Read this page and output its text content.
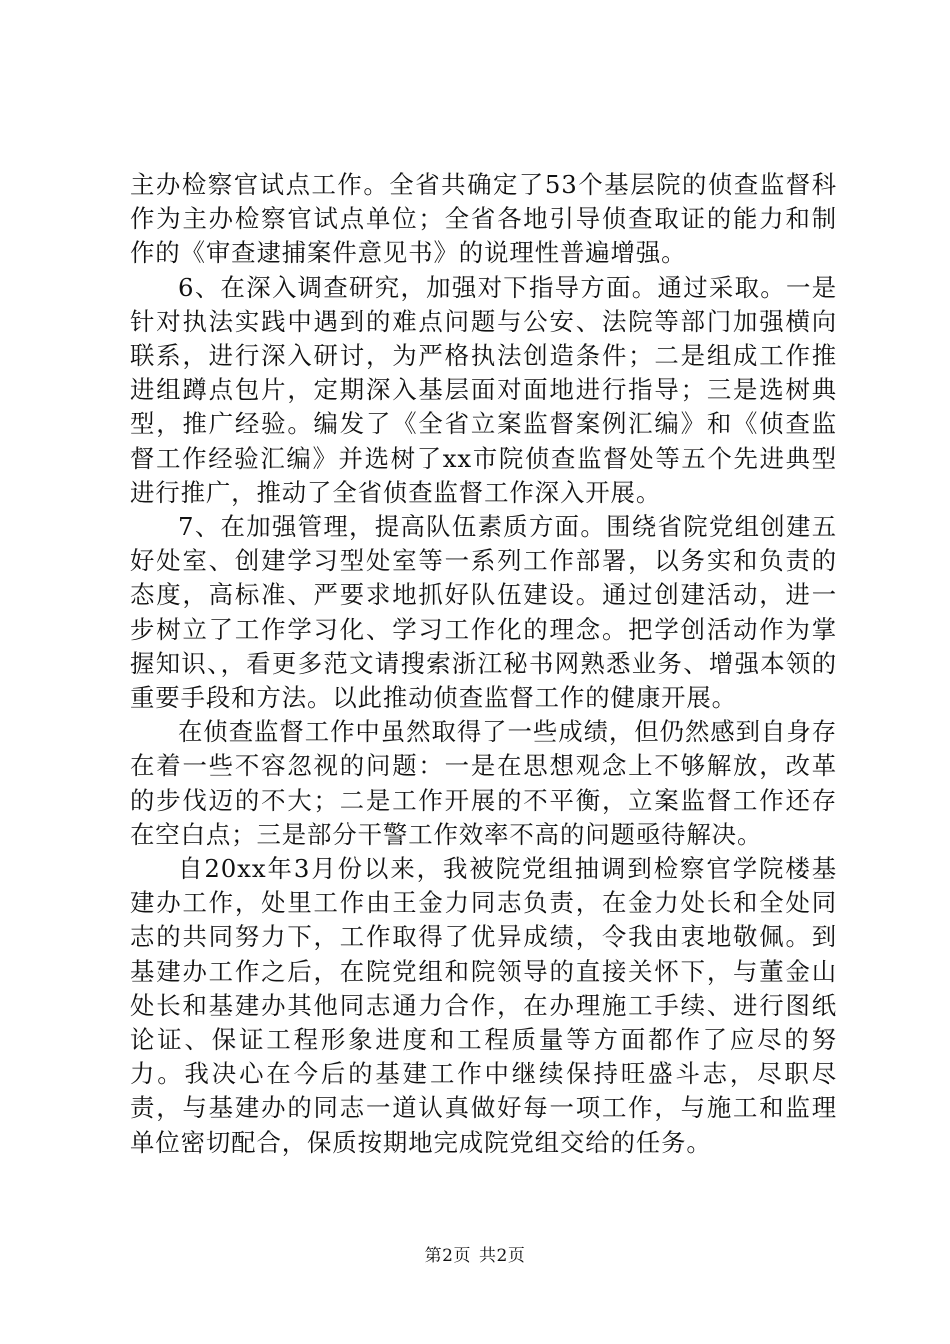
主办检察官试点工作。全省共确定了53个基层院的侦查监督科作为主办检察官试点单位；全省各地引导侦查取证的能力和制作的《审查逮捕案件意见书》的说理性普遍增强。

6、在深入调查研究，加强对下指导方面。通过采取。一是针对执法实践中遇到的难点问题与公安、法院等部门加强横向联系，进行深入研讨，为严格执法创造条件；二是组成工作推进组蹲点包片，定期深入基层面对面地进行指导；三是选树典型，推广经验。编发了《全省立案监督案例汇编》和《侦查监督工作经验汇编》并选树了xx市院侦查监督处等五个先进典型进行推广，推动了全省侦查监督工作深入开展。

7、在加强管理，提高队伍素质方面。围绕省院党组创建五好处室、创建学习型处室等一系列工作部署，以务实和负责的态度，高标准、严要求地抓好队伍建设。通过创建活动，进一步树立了工作学习化、学习工作化的理念。把学创活动作为掌握知识、，看更多范文请搜索浙江秘书网熟悉业务、增强本领的重要手段和方法。以此推动侦查监督工作的健康开展。

在侦查监督工作中虽然取得了一些成绩，但仍然感到自身存在着一些不容忽视的问题：一是在思想观念上不够解放，改革的步伐迈的不大；二是工作开展的不平衡，立案监督工作还存在空白点；三是部分干警工作效率不高的问题亟待解决。

自20xx年3月份以来，我被院党组抽调到检察官学院楼基建办工作，处里工作由王金力同志负责，在金力处长和全处同志的共同努力下，工作取得了优异成绩，令我由衷地敬佩。到基建办工作之后，在院党组和院领导的直接关怀下，与董金山处长和基建办其他同志通力合作，在办理施工手续、进行图纸论证、保证工程形象进度和工程质量等方面都作了应尽的努力。我决心在今后的基建工作中继续保持旺盛斗志，尽职尽责，与基建办的同志一道认真做好每一项工作，与施工和监理单位密切配合，保质按期地完成院党组交给的任务。

第2页 共2页
